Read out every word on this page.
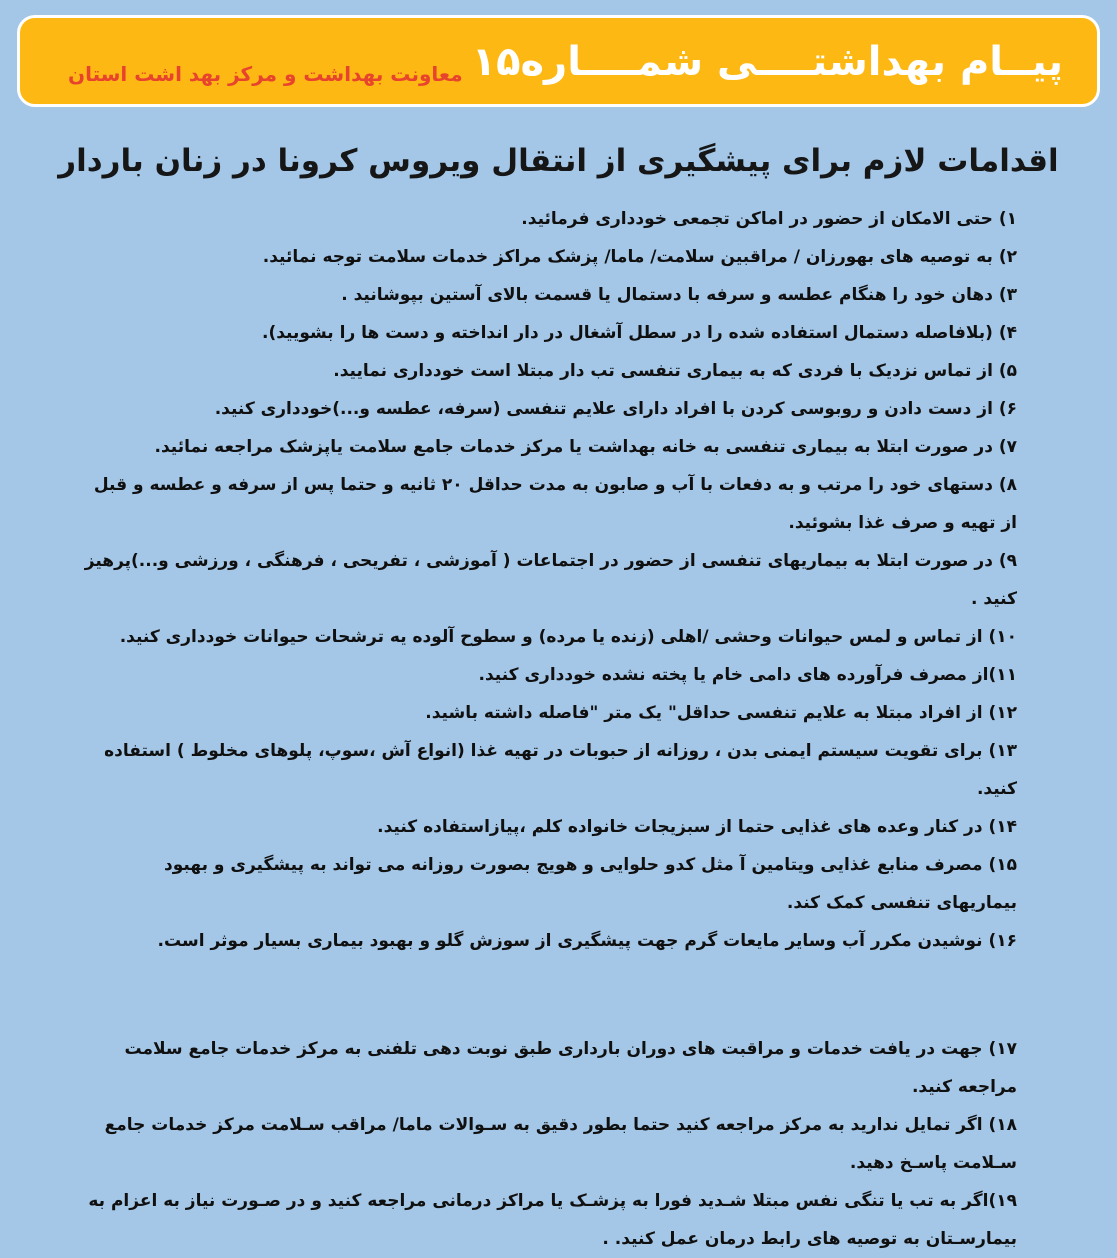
پیــام بهداشتــــی شمــــاره۱۵
معاونت بهداشت و مرکز بهد اشت استان
اقدامات لازم برای پیشگیری از انتقال ویروس کرونا در زنان باردار

۱) حتی الامکان از حضور در اماکن تجمعی خودداری فرمائید.

۲) به توصیه های بهورزان / مراقبین سلامت/ ماما/ پزشک مراکز خدمات سلامت توجه نمائید.

۳) دهان خود را هنگام عطسه و سرفه با دستمال یا قسمت بالای آستین بپوشانید .

۴) (بلافاصله دستمال استفاده شده را در سطل آشغال در دار انداخته و دست ها را بشویید).

۵) از تماس نزدیک با فردی که به بیماری تنفسی تب دار مبتلا است خودداری نمایید.

۶) از دست دادن و روبوسی کردن با افراد دارای علایم تنفسی (سرفه، عطسه و...)خودداری کنید.

۷) در صورت ابتلا به بیماری تنفسی به خانه بهداشت یا مرکز خدمات جامع سلامت یاپزشک مراجعه نمائید.

۸) دستهای خود را مرتب و به دفعات با آب و صابون به مدت حداقل ۲۰ ثانیه و حتما پس از سرفه و عطسه و قبل از تهیه و صرف غذا بشوئید.

۹) در صورت ابتلا به بیماریهای تنفسی از حضور در اجتماعات ( آموزشی ، تفریحی ، فرهنگی ، ورزشی و...)پرهیز کنید .

۱۰) از تماس و لمس حیوانات وحشی /اهلی (زنده یا مرده) و سطوح آلوده یه ترشحات حیوانات خودداری کنید.

۱۱)از مصرف فرآورده های دامی خام یا پخته نشده خودداری کنید.

۱۲) از افراد مبتلا به علایم تنفسی حداقل" یک متر "فاصله داشته باشید.

۱۳) برای تقویت سیستم ایمنی بدن ، روزانه از حبوبات در تهیه غذا (انواع آش ،سوپ، پلوهای مخلوط ) استفاده کنید.

۱۴) در کنار وعده های غذایی حتما از سبزیجات خانواده کلم ،پیازاستفاده کنید.

۱۵) مصرف منابع غذایی ویتامین آ مثل کدو حلوایی و هویج بصورت روزانه می تواند به پیشگیری و بهبود بیماریهای تنفسی کمک کند.

۱۶) نوشیدن مکرر آب وسایر مایعات گرم جهت پیشگیری از سوزش گلو و بهبود بیماری بسیار موثر است.

۱۷) جهت در یافت خدمات و مراقبت های دوران بارداری طبق نوبت دهی تلفنی به مرکز خدمات جامع سلامت مراجعه کنید.

۱۸) اگر تمایل ندارید به مرکز مراجعه کنید حتما بطور دقیق به سـوالات ماما/ مراقب سـلامت مرکز خدمات جامع سـلامت پاسـخ دهید.

۱۹)اگر به تب یا تنگی نفس مبتلا شـدید فورا به پزشـک یا مراکز درمانی مراجعه کنید و در صـورت نیاز به اعزام به بیمارسـتان به توصیه های رابط درمان عمل کنید. .
